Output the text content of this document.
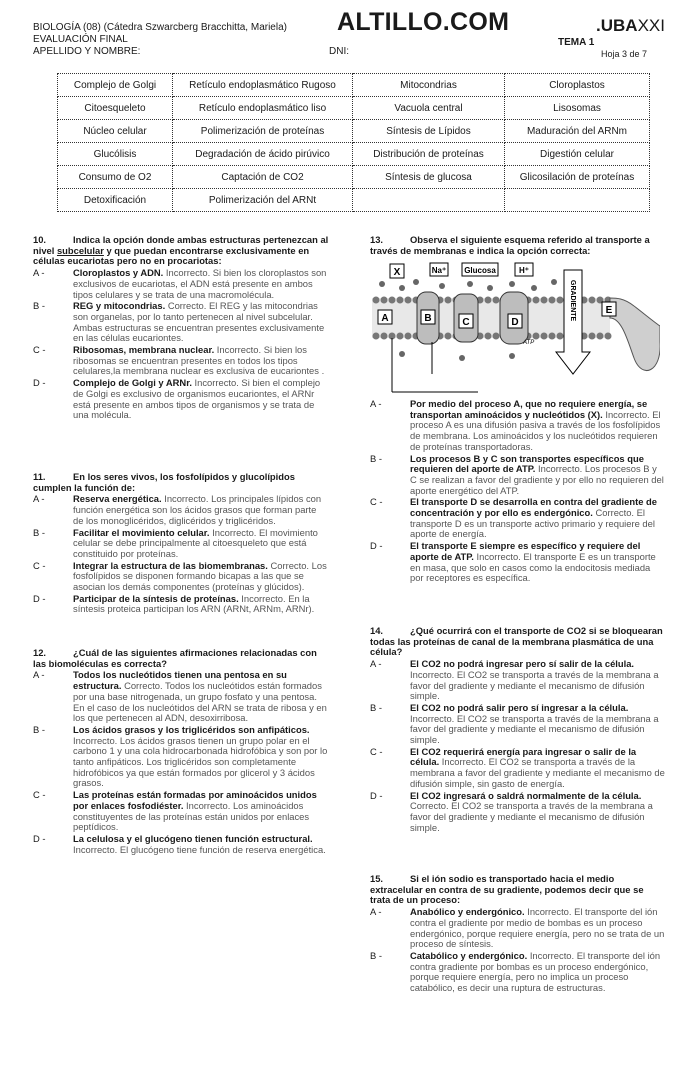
BIOLOGÍA (08) (Cátedra Szwarcberg Bracchitta, Mariela)
EVALUACIÓN FINAL
APELLIDO Y NOMBRE:	DNI:
ALTILLO.COM	.UBAXXI
TEMA 1
Hoja 3 de 7
Complejo de Golgi	Retículo endoplasmático Rugoso	Mitocondrias	Cloroplastos
Citoesqueleto	Retículo endoplasmático liso	Vacuola central	Lisosomas
Núcleo celular	Polimerización de proteínas	Síntesis de Lípidos	Maduración del ARNm
Glucólisis	Degradación de ácido pirúvico	Distribución de proteínas	Digestión celular
Consumo de O2	Captación de CO2	Síntesis de glucosa	Glicosilación de proteínas
Detoxificación	Polimerización del ARNt		

10.	Indica la opción donde ambas estructuras pertenezcan al nivel subcelular y que puedan encontrarse exclusivamente en células eucariotas pero no en procariotas:

A -	Cloroplastos y ADN. Incorrecto. Si bien los cloroplastos son exclusivos de eucariotas, el ADN está presente en ambos tipos celulares y se trata de una macromolécula.
B -	REG y mitocondrias. Correcto. El REG y las mitocondrias son organelas, por lo tanto pertenecen al nivel subcelular. Ambas estructuras se encuentran presentes exclusivamente en las células eucariontes.
C -	Ribosomas, membrana nuclear. Incorrecto. Si bien los ribosomas se encuentran presentes en todos los tipos celulares,la membrana nuclear es exclusiva de eucariontes .
D -	Complejo de Golgi y ARNr. Incorrecto. Si bien el complejo de Golgi es exclusivo de organismos eucariontes, el ARNr está presente en ambos tipos de organismos y se trata de una molécula.

11.	En los seres vivos, los fosfolípidos y glucolípidos cumplen la función de:

A -	Reserva energética. Incorrecto. Los principales lípidos con función energética son los ácidos grasos que forman parte de los monoglicéridos, diglicéridos y triglicéridos.
B -	Facilitar el movimiento celular. Incorrecto. El movimiento celular se debe principalmente al citoesqueleto que está constituido por proteínas.
C -	Integrar la estructura de las biomembranas. Correcto. Los fosfolípidos se disponen formando bicapas a las que se asocian los demás componentes (proteínas y glúcidos).
D -	Participar de la síntesis de proteínas. Incorrecto. En la síntesis proteica participan los ARN (ARNt, ARNm, ARNr).

12.	¿Cuál de las siguientes afirmaciones relacionadas con las biomoléculas es correcta?

A -	Todos los nucleótidos tienen una pentosa en su estructura. Correcto. Todos los nucleótidos están formados por una base nitrogenada, un grupo fosfato y una pentosa. En el caso de los nucleótidos del ARN se trata de ribosa y en los que pertenecen al ADN, desoxirribosa.
B -	Los ácidos grasos y los triglicéridos son anfipáticos. Incorrecto. Los ácidos grasos tienen un grupo polar en el carbono 1 y una cola hidrocarbonada hidrofóbica y son por lo tanto anfipáticos. Los triglicéridos son completamente hidrofóbicos ya que están formados por glicerol y 3 ácidos grasos.
C -	Las proteínas están formadas por aminoácidos unidos por enlaces fosfodiéster. Incorrecto. Los aminoácidos constituyentes de las proteínas están unidos por enlaces peptídicos.
D -	La celulosa y el glucógeno tienen función estructural. Incorrecto. El glucógeno tiene función de reserva energética.

13.	Observa el siguiente esquema referido al transporte a través de membranas e indica la opción correcta:

X	Na⁺ Glucosa	H⁺
A	B	C	D
ATP
GRADIENTE	E
A -	Por medio del proceso A, que no requiere energía, se transportan aminoácidos y nucleótidos (X). Incorrecto. El proceso A es una difusión pasiva a través de los fosfolípidos de membrana. Los aminoácidos y los nucleótidos requieren de proteínas transportadoras.
B -	Los procesos B y C son transportes específicos que requieren del aporte de ATP. Incorrecto. Los procesos B y C se realizan a favor del gradiente y por ello no requieren del aporte energético del ATP.
C -	El transporte D se desarrolla en contra del gradiente de concentración y por ello es endergónico. Correcto. El transporte D es un transporte activo primario y requiere del aporte de energía.
D -	El transporte E siempre es específico y requiere del aporte de ATP. Incorrecto. El transporte E es un transporte en masa, que solo en casos como la endocitosis mediada por receptores es específica.

14.	¿Qué ocurrirá con el transporte de CO2 si se bloquearan todas las proteínas de canal de la membrana plasmática de una célula?

A -	El CO2 no podrá ingresar pero sí salir de la célula. Incorrecto. El CO2 se transporta a través de la membrana a favor del gradiente y mediante el mecanismo de difusión simple.
B -	El CO2 no podrá salir pero sí ingresar a la célula. Incorrecto. El CO2 se transporta a través de la membrana a favor del gradiente y mediante el mecanismo de difusión simple.
C -	El CO2 requerirá energía para ingresar o salir de la célula. Incorrecto. El CO2 se transporta a través de la membrana a favor del gradiente y mediante el mecanismo de difusión simple, sin gasto de energía.
D -	El CO2 ingresará o saldrá normalmente de la célula. Correcto. El CO2 se transporta a través de la membrana a favor del gradiente y mediante el mecanismo de difusión simple.

15.	Si el ión sodio es transportado hacia el medio extracelular en contra de su gradiente, podemos decir que se trata de un proceso:

A -	Anabólico y endergónico. Incorrecto. El transporte del ión contra el gradiente por medio de bombas es un proceso endergónico, porque requiere energía, pero no se trata de un proceso de síntesis.
B -	Catabólico y endergónico. Incorrecto. El transporte del ión contra gradiente por bombas es un proceso endergónico, porque requiere energía, pero no implica un proceso catabólico, es decir una ruptura de estructuras.
